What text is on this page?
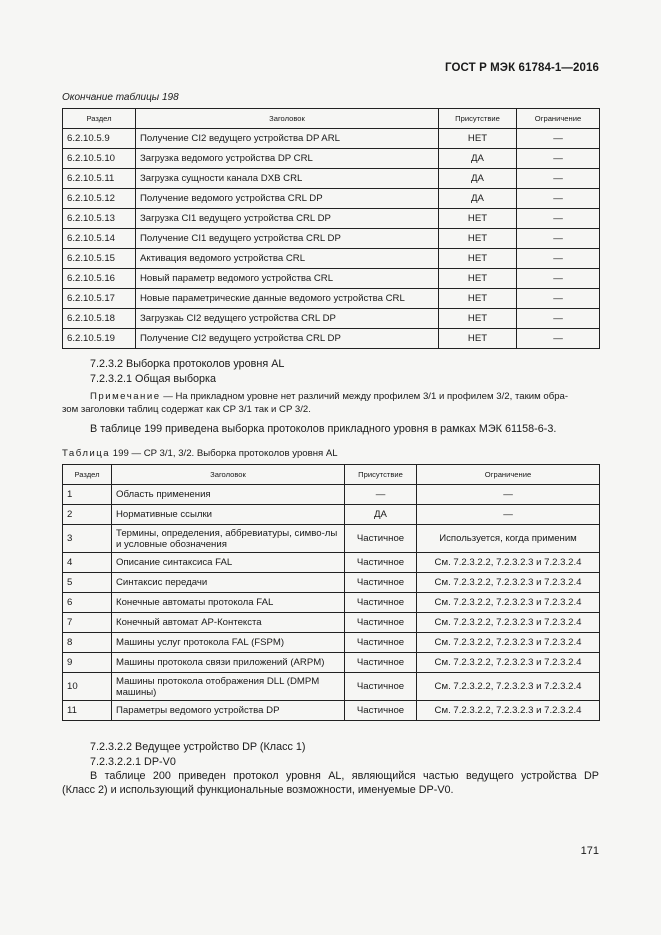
ГОСТ Р МЭК 61784-1—2016
Окончание таблицы 198
Раздел	Заголовок	Присутствие	Ограничение
6.2.10.5.9	Получение CI2 ведущего устройства DP ARL	НЕТ	—
6.2.10.5.10	Загрузка ведомого устройства DP CRL	ДА	—
6.2.10.5.11	Загрузка сущности канала DXB CRL	ДА	—
6.2.10.5.12	Получение ведомого устройства CRL DP	ДА	—
6.2.10.5.13	Загрузка CI1 ведущего устройства CRL DP	НЕТ	—
6.2.10.5.14	Получение CI1 ведущего устройства CRL DP	НЕТ	—
6.2.10.5.15	Активация ведомого устройства CRL	НЕТ	—
6.2.10.5.16	Новый параметр ведомого устройства CRL	НЕТ	—
6.2.10.5.17	Новые параметрические данные ведомого устройства CRL	НЕТ	—
6.2.10.5.18	Загрузкаь CI2 ведущего устройства CRL DP	НЕТ	—
6.2.10.5.19	Получение CI2 ведущего устройства CRL DP	НЕТ	—
7.2.3.2 Выборка протоколов уровня AL
7.2.3.2.1 Общая выборка
Примечание — На прикладном уровне нет различий между профилем 3/1 и профилем 3/2, таким обра-
зом заголовки таблиц содержат как CP 3/1 так и CP 3/2.
В таблице 199 приведена выборка протоколов прикладного уровня в рамках МЭК 61158-6-3.
Таблица 199 — CP 3/1, 3/2. Выборка протоколов уровня AL
Раздел	Заголовок	Присутствие	Ограничение
1	Область применения	—	—
2	Нормативные ссылки	ДА	—
3	Термины, определения, аббревиатуры, симво-лы и условные обозначения	Частичное	Используется, когда применим
4	Описание синтаксиса FAL	Частичное	См. 7.2.3.2.2, 7.2.3.2.3 и 7.2.3.2.4
5	Синтаксис передачи	Частичное	См. 7.2.3.2.2, 7.2.3.2.3 и 7.2.3.2.4
6	Конечные автоматы протокола FAL	Частичное	См. 7.2.3.2.2, 7.2.3.2.3 и 7.2.3.2.4
7	Конечный автомат AP-Контекста	Частичное	См. 7.2.3.2.2, 7.2.3.2.3 и 7.2.3.2.4
8	Машины услуг протокола FAL (FSPM)	Частичное	См. 7.2.3.2.2, 7.2.3.2.3 и 7.2.3.2.4
9	Машины протокола связи приложений (ARPM)	Частичное	См. 7.2.3.2.2, 7.2.3.2.3 и 7.2.3.2.4
10	Машины протокола отображения DLL (DMPM машины)	Частичное	См. 7.2.3.2.2, 7.2.3.2.3 и 7.2.3.2.4
11	Параметры ведомого устройства DP	Частичное	См. 7.2.3.2.2, 7.2.3.2.3 и 7.2.3.2.4
7.2.3.2.2 Ведущее устройство DP (Класс 1)
7.2.3.2.2.1 DP-V0
В таблице 200 приведен протокол уровня AL, являющийся частью ведущего устройства DP
(Класс 2) и использующий функциональные возможности, именуемые DP-V0.
171
